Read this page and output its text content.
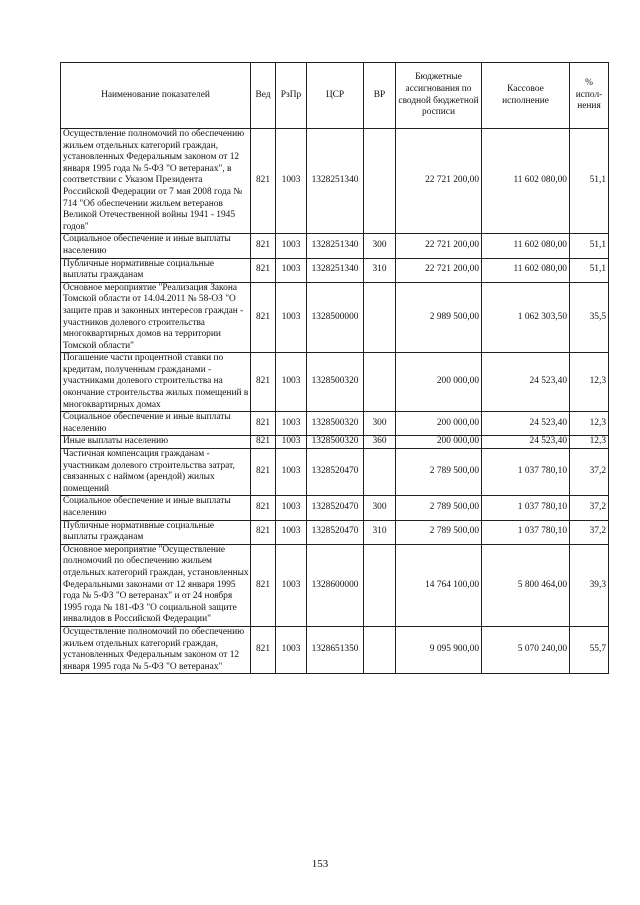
Наименование показателей	Вед	РзПр	ЦСР	ВР	Бюджетные ассигнования по сводной бюджетной росписи	Кассовое исполнение	% испол-нения
Осуществление полномочий по обеспечению жильем отдельных категорий граждан, установленных Федеральным законом от 12 января 1995 года № 5-ФЗ "О ветеранах", в соответствии с Указом Президента Российской Федерации от 7 мая 2008 года № 714 "Об обеспечении жильем ветеранов Великой Отечественной войны 1941 - 1945 годов"	821	1003	1328251340		22 721 200,00	11 602 080,00	51,1
Социальное обеспечение и иные выплаты населению	821	1003	1328251340	300	22 721 200,00	11 602 080,00	51,1
Публичные нормативные социальные выплаты гражданам	821	1003	1328251340	310	22 721 200,00	11 602 080,00	51,1
Основное мероприятие "Реализация Закона Томской области от 14.04.2011 № 58-ОЗ "О защите прав и законных интересов граждан - участников долевого строительства многоквартирных домов на территории Томской области"	821	1003	1328500000		2 989 500,00	1 062 303,50	35,5
Погашение части процентной ставки по кредитам, полученным гражданами - участниками долевого строительства на окончание строительства жилых помещений в многоквартирных домах	821	1003	1328500320		200 000,00	24 523,40	12,3
Социальное обеспечение и иные выплаты населению	821	1003	1328500320	300	200 000,00	24 523,40	12,3
Иные выплаты населению	821	1003	1328500320	360	200 000,00	24 523,40	12,3
Частичная компенсация гражданам - участникам долевого строительства затрат, связанных с наймом (арендой) жилых помещений	821	1003	1328520470		2 789 500,00	1 037 780,10	37,2
Социальное обеспечение и иные выплаты населению	821	1003	1328520470	300	2 789 500,00	1 037 780,10	37,2
Публичные нормативные социальные выплаты гражданам	821	1003	1328520470	310	2 789 500,00	1 037 780,10	37,2
Основное мероприятие "Осуществление полномочий по обеспечению жильем отдельных категорий граждан, установленных Федеральными законами от 12 января 1995 года № 5-ФЗ "О ветеранах" и от 24 ноября 1995 года № 181-ФЗ "О социальной защите инвалидов в Российской Федерации"	821	1003	1328600000		14 764 100,00	5 800 464,00	39,3
Осуществление полномочий по обеспечению жильем отдельных категорий граждан, установленных Федеральным законом от 12 января 1995 года № 5-ФЗ "О ветеранах"	821	1003	1328651350		9 095 900,00	5 070 240,00	55,7
153
